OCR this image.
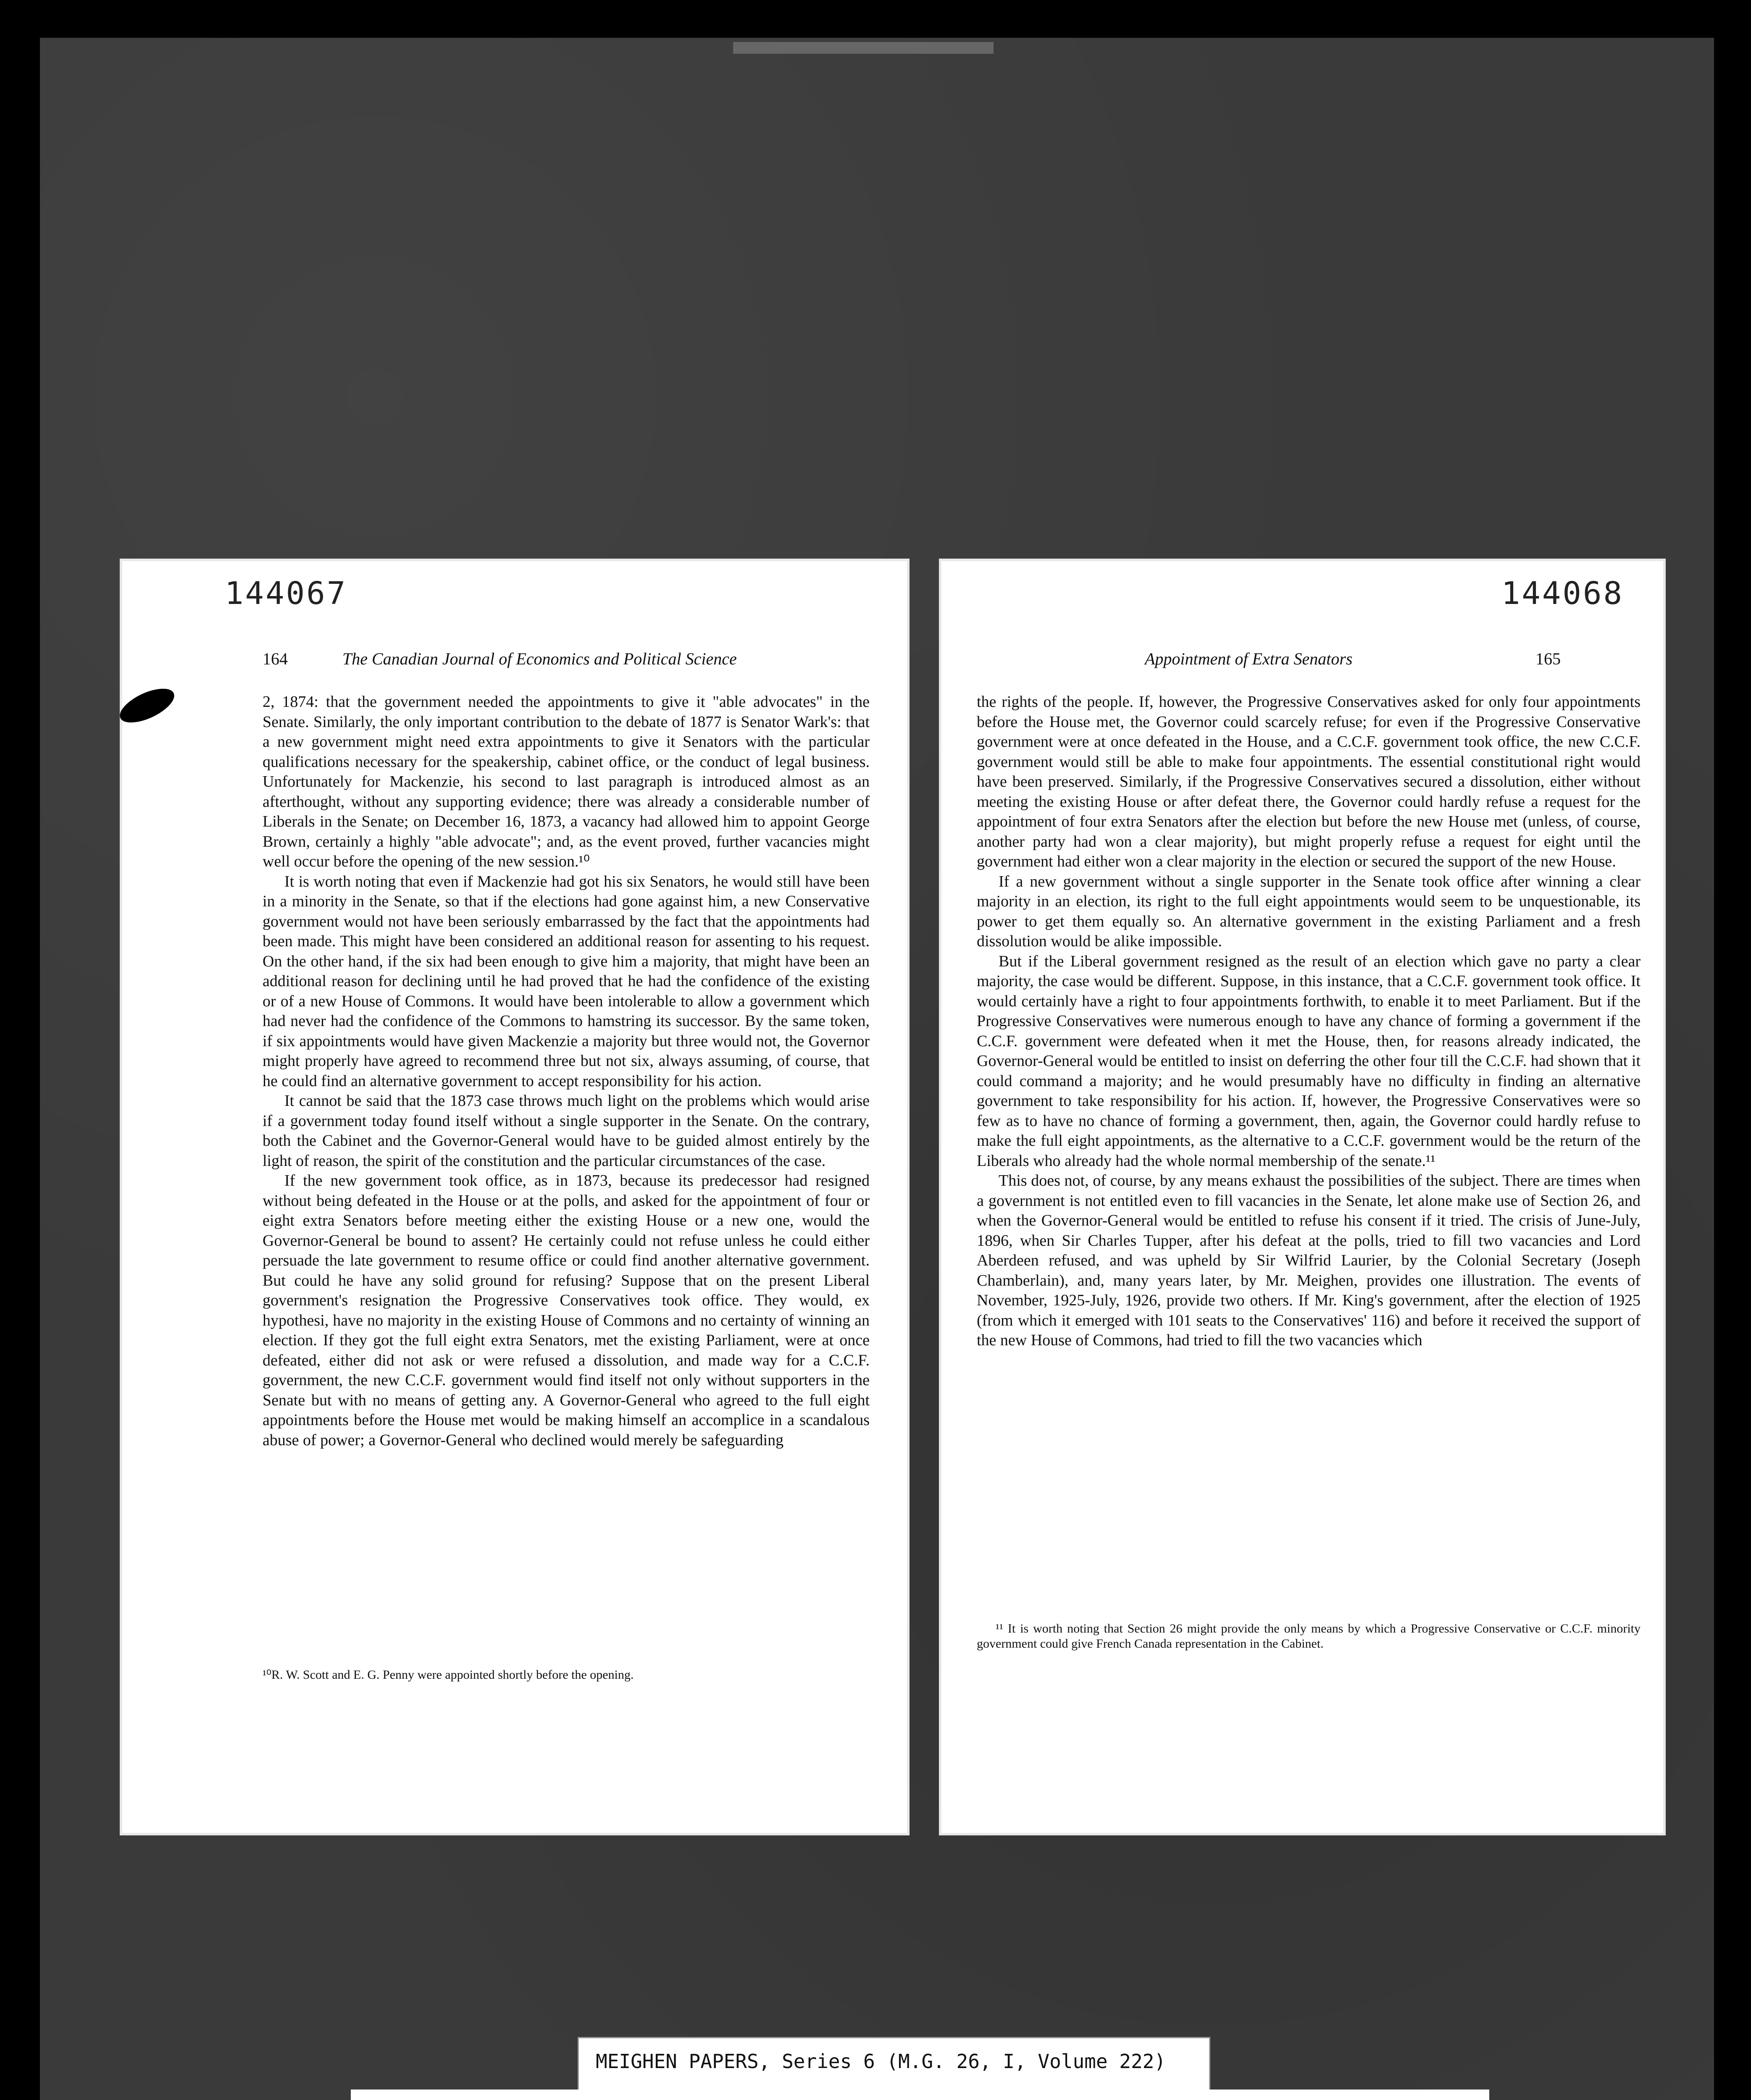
144067
164	The Canadian Journal of Economics and Political Science

2, 1874: that the government needed the appointments to give it "able advocates" in the Senate. Similarly, the only important contribution to the debate of 1877 is Senator Wark's: that a new government might need extra appointments to give it Senators with the particular qualifications necessary for the speakership, cabinet office, or the conduct of legal business. Unfortunately for Mackenzie, his second to last paragraph is introduced almost as an afterthought, without any supporting evidence; there was already a considerable number of Liberals in the Senate; on December 16, 1873, a vacancy had allowed him to appoint George Brown, certainly a highly "able advocate"; and, as the event proved, further vacancies might well occur before the opening of the new session.¹⁰

It is worth noting that even if Mackenzie had got his six Senators, he would still have been in a minority in the Senate, so that if the elections had gone against him, a new Conservative government would not have been seriously embarrassed by the fact that the appointments had been made. This might have been considered an additional reason for assenting to his request. On the other hand, if the six had been enough to give him a majority, that might have been an additional reason for declining until he had proved that he had the confidence of the existing or of a new House of Commons. It would have been intolerable to allow a government which had never had the confidence of the Commons to hamstring its successor. By the same token, if six appointments would have given Mackenzie a majority but three would not, the Governor might properly have agreed to recommend three but not six, always assuming, of course, that he could find an alternative government to accept responsibility for his action.

It cannot be said that the 1873 case throws much light on the problems which would arise if a government today found itself without a single supporter in the Senate. On the contrary, both the Cabinet and the Governor-General would have to be guided almost entirely by the light of reason, the spirit of the constitution and the particular circumstances of the case.

If the new government took office, as in 1873, because its predecessor had resigned without being defeated in the House or at the polls, and asked for the appointment of four or eight extra Senators before meeting either the existing House or a new one, would the Governor-General be bound to assent? He certainly could not refuse unless he could either persuade the late government to resume office or could find another alternative government. But could he have any solid ground for refusing? Suppose that on the present Liberal government's resignation the Progressive Conservatives took office. They would, ex hypothesi, have no majority in the existing House of Commons and no certainty of winning an election. If they got the full eight extra Senators, met the existing Parliament, were at once defeated, either did not ask or were refused a dissolution, and made way for a C.C.F. government, the new C.C.F. government would find itself not only without supporters in the Senate but with no means of getting any. A Governor-General who agreed to the full eight appointments before the House met would be making himself an accomplice in a scandalous abuse of power; a Governor-General who declined would merely be safeguarding

¹⁰R. W. Scott and E. G. Penny were appointed shortly before the opening.
144068
Appointment of Extra Senators	165

the rights of the people. If, however, the Progressive Conservatives asked for only four appointments before the House met, the Governor could scarcely refuse; for even if the Progressive Conservative government were at once defeated in the House, and a C.C.F. government took office, the new C.C.F. government would still be able to make four appointments. The essential constitutional right would have been preserved. Similarly, if the Progressive Conservatives secured a dissolution, either without meeting the existing House or after defeat there, the Governor could hardly refuse a request for the appointment of four extra Senators after the election but before the new House met (unless, of course, another party had won a clear majority), but might properly refuse a request for eight until the government had either won a clear majority in the election or secured the support of the new House.

If a new government without a single supporter in the Senate took office after winning a clear majority in an election, its right to the full eight appointments would seem to be unquestionable, its power to get them equally so. An alternative government in the existing Parliament and a fresh dissolution would be alike impossible.

But if the Liberal government resigned as the result of an election which gave no party a clear majority, the case would be different. Suppose, in this instance, that a C.C.F. government took office. It would certainly have a right to four appointments forthwith, to enable it to meet Parliament. But if the Progressive Conservatives were numerous enough to have any chance of forming a government if the C.C.F. government were defeated when it met the House, then, for reasons already indicated, the Governor-General would be entitled to insist on deferring the other four till the C.C.F. had shown that it could command a majority; and he would presumably have no difficulty in finding an alternative government to take responsibility for his action. If, however, the Progressive Conservatives were so few as to have no chance of forming a government, then, again, the Governor could hardly refuse to make the full eight appointments, as the alternative to a C.C.F. government would be the return of the Liberals who already had the whole normal membership of the senate.¹¹

This does not, of course, by any means exhaust the possibilities of the subject. There are times when a government is not entitled even to fill vacancies in the Senate, let alone make use of Section 26, and when the Governor-General would be entitled to refuse his consent if it tried. The crisis of June-July, 1896, when Sir Charles Tupper, after his defeat at the polls, tried to fill two vacancies and Lord Aberdeen refused, and was upheld by Sir Wilfrid Laurier, by the Colonial Secretary (Joseph Chamberlain), and, many years later, by Mr. Meighen, provides one illustration. The events of November, 1925-July, 1926, provide two others. If Mr. King's government, after the election of 1925 (from which it emerged with 101 seats to the Conservatives' 116) and before it received the support of the new House of Commons, had tried to fill the two vacancies which

¹¹ It is worth noting that Section 26 might provide the only means by which a Progressive Conservative or C.C.F. minority government could give French Canada representation in the Cabinet.
MEIGHEN PAPERS, Series 6 (M.G. 26, I, Volume 222)
